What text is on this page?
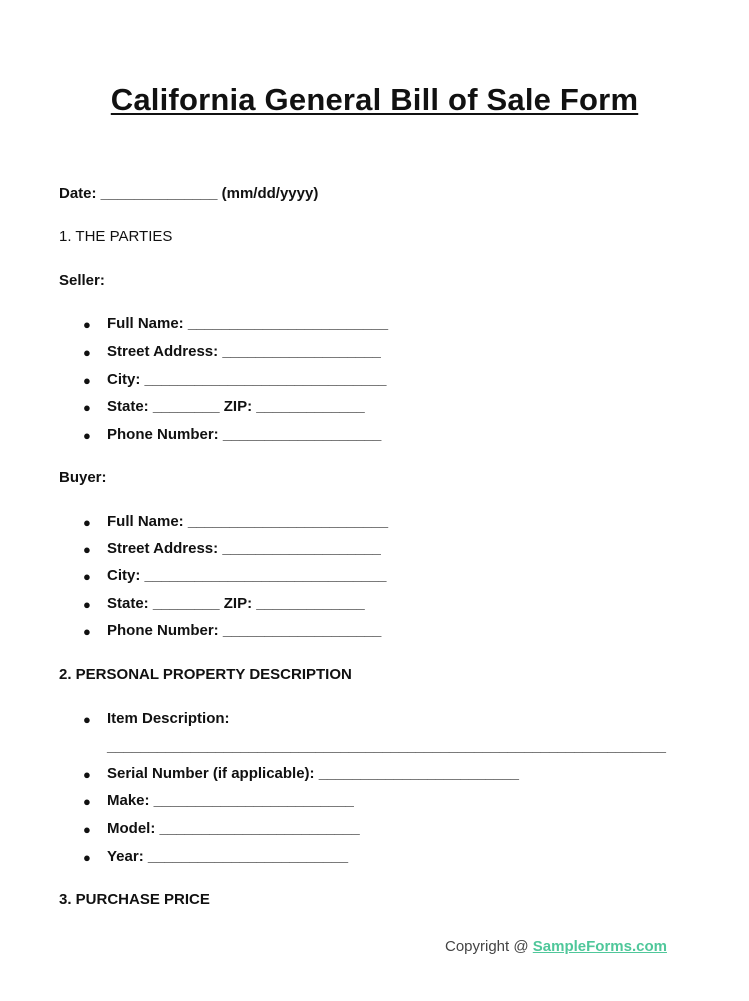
California General Bill of Sale Form
Date: ______________ (mm/dd/yyyy)
1. THE PARTIES
Seller:
● Full Name: ________________________
● Street Address: ___________________
● City: _____________________________
● State: ________ ZIP: _____________
● Phone Number: ___________________
Buyer:
● Full Name: ________________________
● Street Address: ___________________
● City: _____________________________
● State: ________ ZIP: _____________
● Phone Number: ___________________
2. PERSONAL PROPERTY DESCRIPTION
● Item Description:
___________________________________________________________________
● Serial Number (if applicable): ________________________
● Make: ________________________
● Model: ________________________
● Year: ________________________
3. PURCHASE PRICE
Copyright @ SampleForms.com
